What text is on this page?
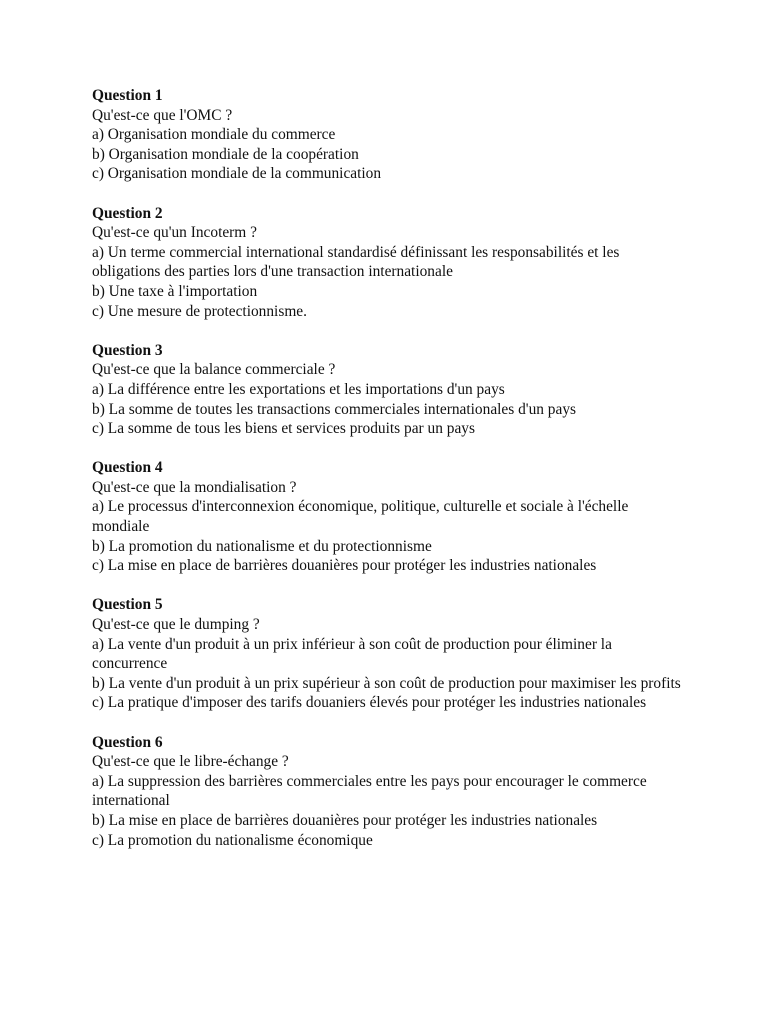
Question 1
Qu'est-ce que l'OMC ?
a) Organisation mondiale du commerce
b) Organisation mondiale de la coopération
c) Organisation mondiale de la communication
Question 2
Qu'est-ce qu'un Incoterm ?
a) Un terme commercial international standardisé définissant les responsabilités et les obligations des parties lors d'une transaction internationale
b) Une taxe à l'importation
c) Une mesure de protectionnisme.
Question 3
Qu'est-ce que la balance commerciale ?
a) La différence entre les exportations et les importations d'un pays
b) La somme de toutes les transactions commerciales internationales d'un pays
c) La somme de tous les biens et services produits par un pays
Question 4
Qu'est-ce que la mondialisation ?
a) Le processus d'interconnexion économique, politique, culturelle et sociale à l'échelle mondiale
b) La promotion du nationalisme et du protectionnisme
c) La mise en place de barrières douanières pour protéger les industries nationales
Question 5
Qu'est-ce que le dumping ?
a) La vente d'un produit à un prix inférieur à son coût de production pour éliminer la concurrence
b) La vente d'un produit à un prix supérieur à son coût de production pour maximiser les profits
c) La pratique d'imposer des tarifs douaniers élevés pour protéger les industries nationales
Question 6
Qu'est-ce que le libre-échange ?
a) La suppression des barrières commerciales entre les pays pour encourager le commerce international
b) La mise en place de barrières douanières pour protéger les industries nationales
c) La promotion du nationalisme économique
